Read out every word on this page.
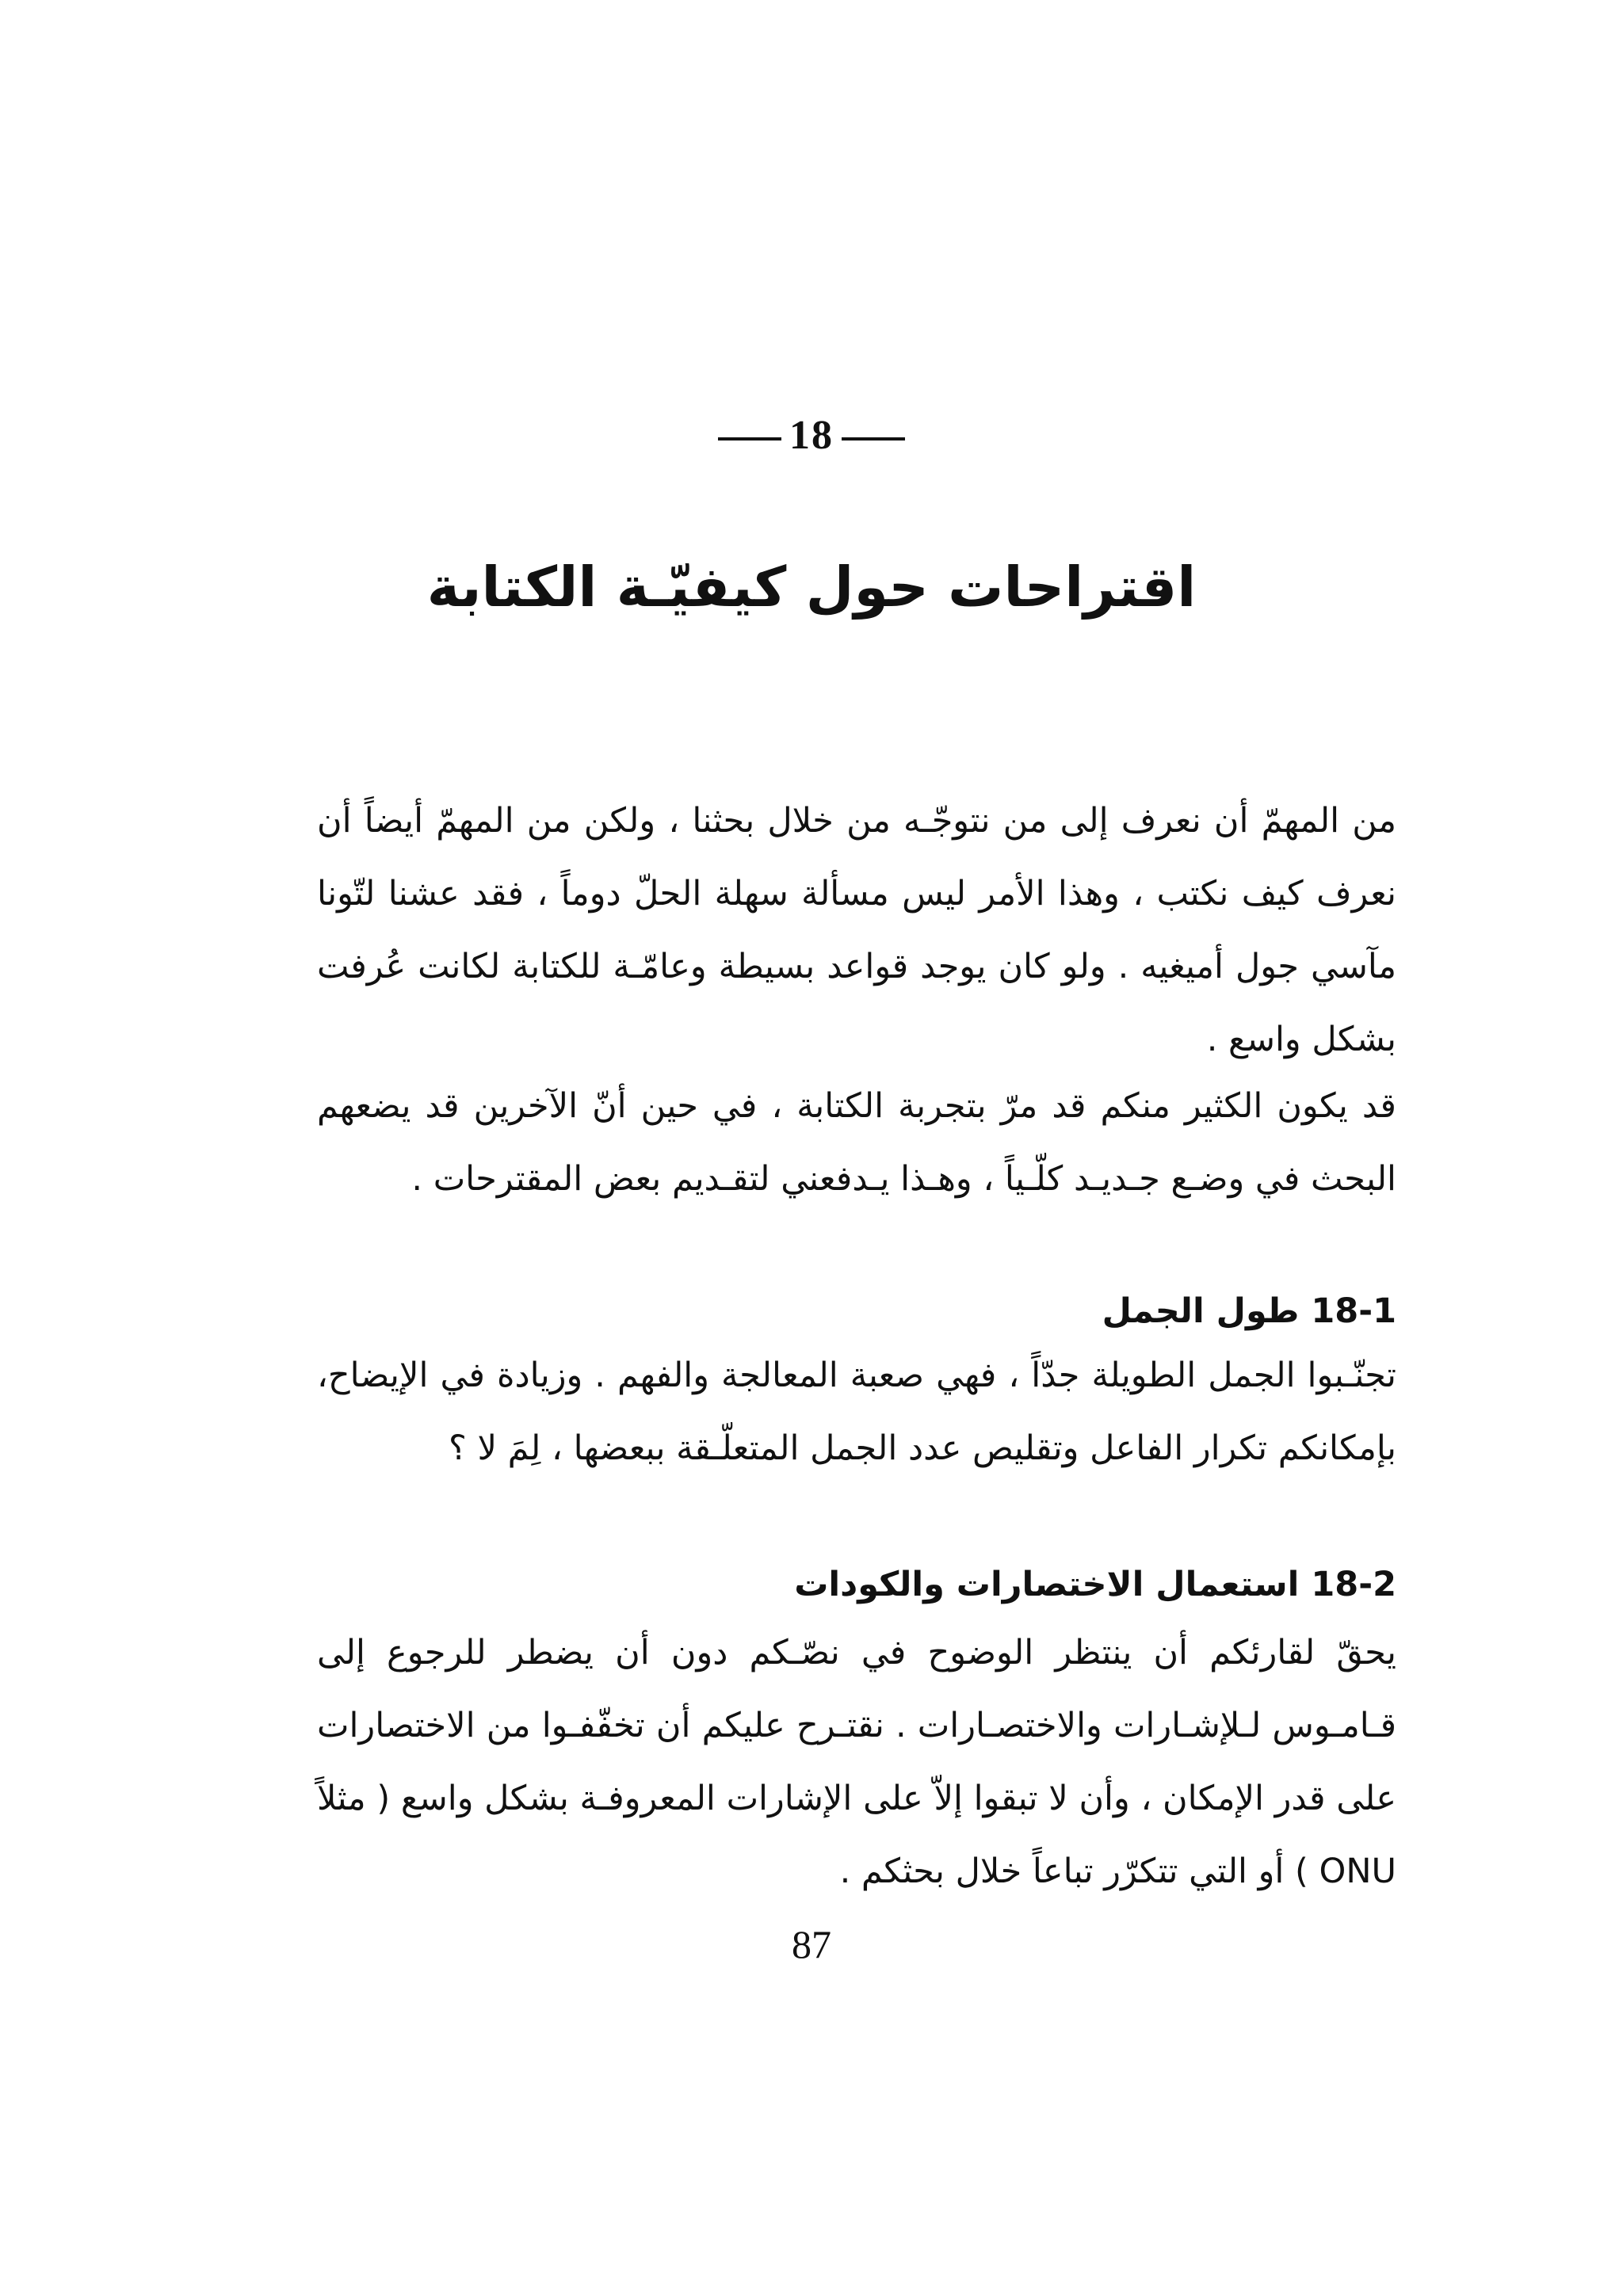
18
اقتراحات حول كيفيّـة الكتابة

من المهمّ أن نعرف إلى من نتوجّـه من خلال بحثنا ، ولكن من المهمّ أيضاً أن نعرف كيف نكتب ، وهذا الأمر ليس مسألة سهلة الحلّ دوماً ، فقد عشنا لتّونا مآسي جول أميغيه . ولو كان يوجد قواعد بسيطة وعامّـة للكتابة لكانت عُرفت بشكل واسع .

قد يكون الكثير منكم قد مرّ بتجربة الكتابة ، في حين أنّ الآخرين قد يضعهم البحث في وضـع جـديـد كلّـياً ، وهـذا يـدفعني لتقـديم بعض المقترحات .

18-1 طول الجمل

تجنّـبوا الجمل الطويلة جدّاً ، فهي صعبة المعالجة والفهم . وزيادة في الإيضاح، بإمكانكم تكرار الفاعل وتقليص عدد الجمل المتعلّـقة ببعضها ، لِمَ لا ؟

18-2 استعمال الاختصارات والكودات

يحقّ لقارئكم أن ينتظر الوضوح في نصّـكم دون أن يضطر للرجوع إلى قـامـوس لـلإشـارات والاختصـارات . نقتـرح عليكم أن تخفّفـوا من الاختصارات على قدر الإمكان ، وأن لا تبقوا إلاّ على الإشارات المعروفـة بشكل واسع ( مثلاً ONU ) أو التي تتكرّر تباعاً خلال بحثكم .

87
